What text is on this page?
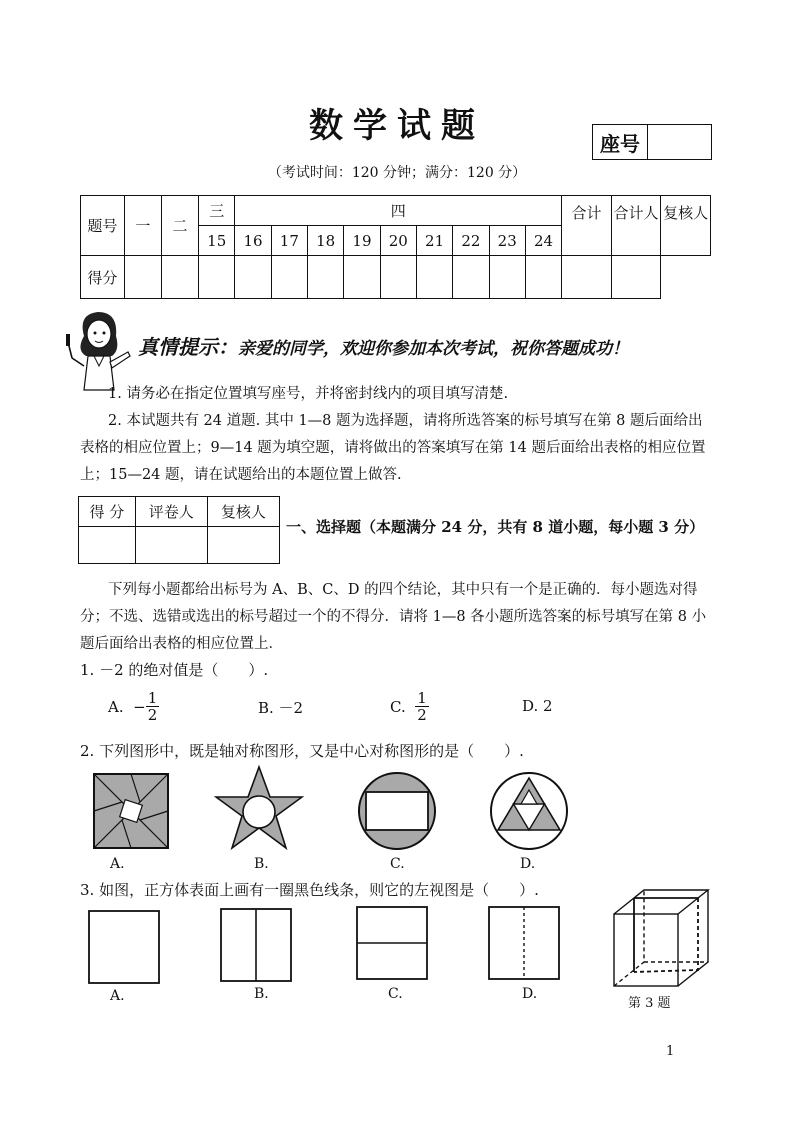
数学试题	座号
（考试时间：120 分钟；满分：120 分）
题号	一	二	三	四									合计	合计人	复核人
			15	16	17	18	19	20	21	22	23	24			
得分															
真情提示：亲爱的同学，欢迎你参加本次考试，祝你答题成功！

1. 请务必在指定位置填写座号，并将密封线内的项目填写清楚.

2. 本试题共有 24 道题. 其中 1—8 题为选择题，请将所选答案的标号填写在第 8 题后面给出表格的相应位置上；9—14 题为填空题，请将做出的答案填写在第 14 题后面给出表格的相应位置上；15—24 题，请在试题给出的本题位置上做答.

得 分	评卷人	复核人

一、选择题（本题满分 24 分，共有 8 道小题，每小题 3 分）

下列每小题都给出标号为 A、B、C、D 的四个结论，其中只有一个是正确的．每小题选对得分；不选、选错或选出的标号超过一个的不得分．请将 1—8 各小题所选答案的标号填写在第 8 小题后面给出表格的相应位置上．

1. －2 的绝对值是（　　）.
A.
− $\frac{1}{2}$	B. －2	C.
$\frac{1}{2}$	D. 2
2. 下列图形中，既是轴对称图形，又是中心对称图形的是（　　）.
A.	B.	C.	D.
3. 如图，正方体表面上画有一圈黑色线条，则它的左视图是（　　）.
A.	B.	C.	D.
第 3 题
1
